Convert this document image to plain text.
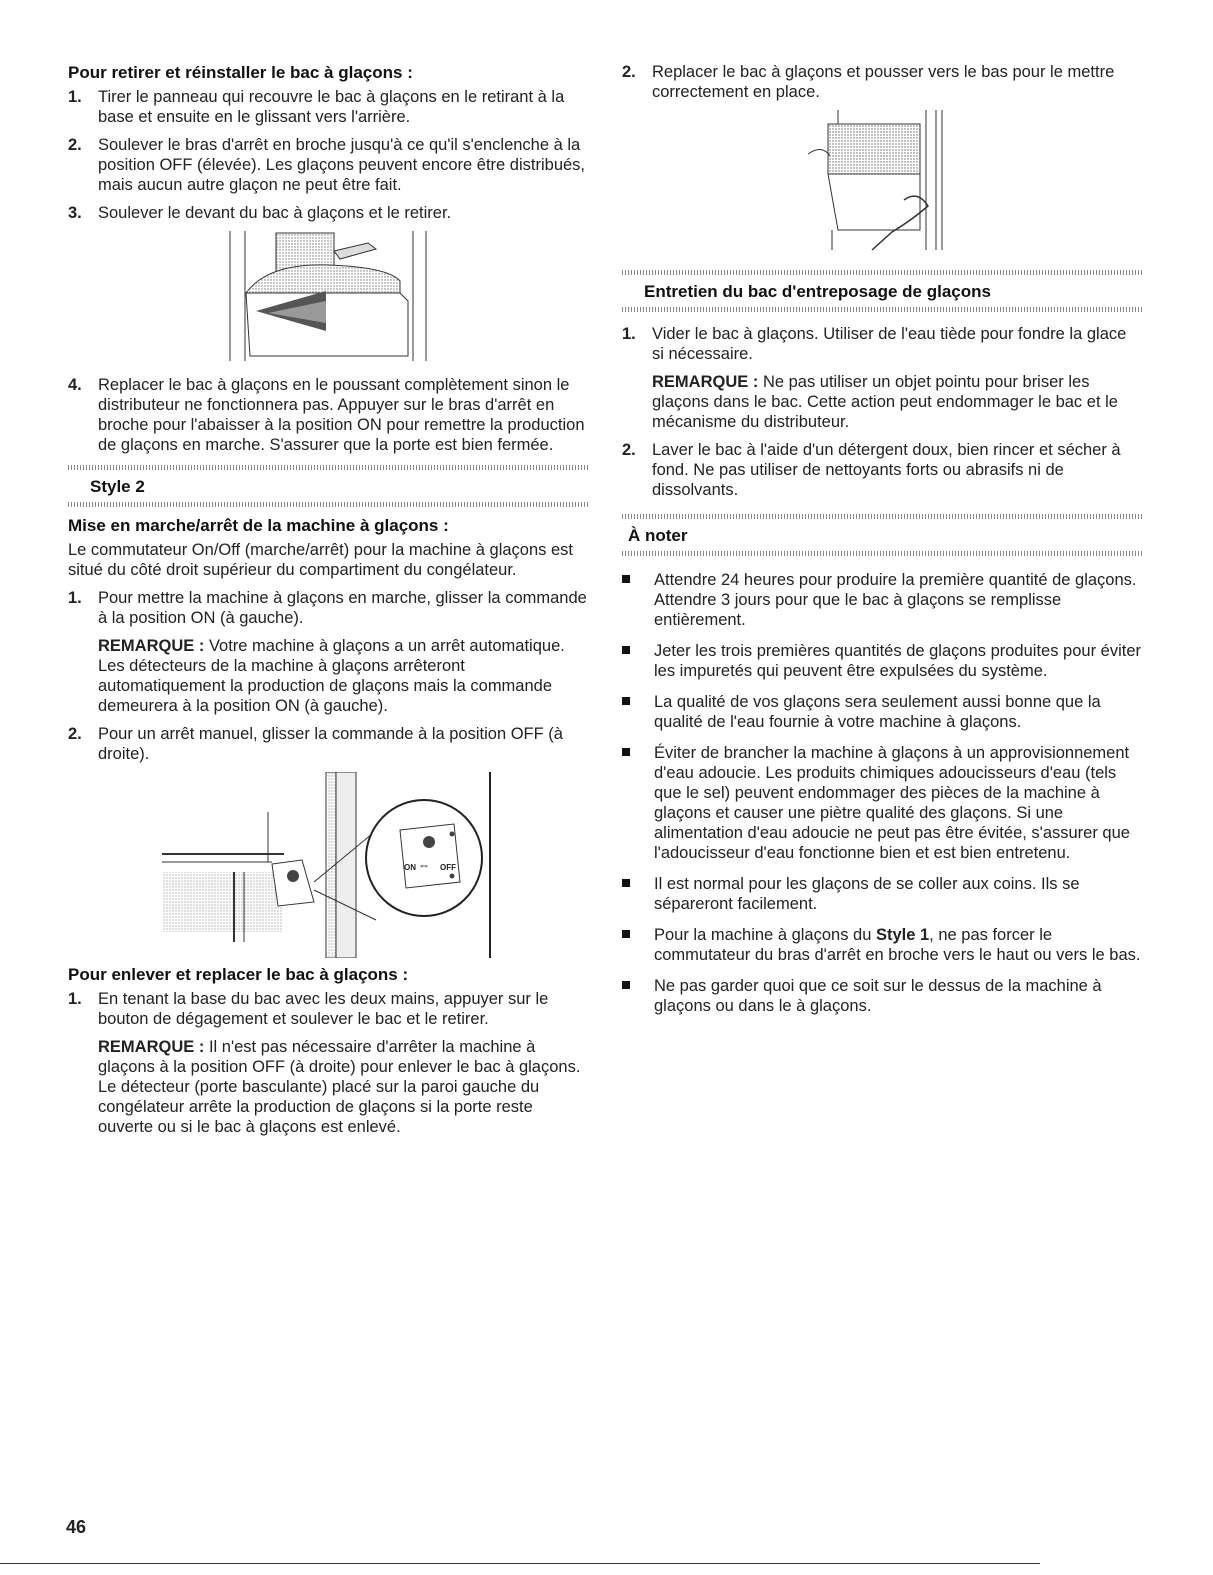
Pour retirer et réinstaller le bac à glaçons :
1. Tirer le panneau qui recouvre le bac à glaçons en le retirant à la base et ensuite en le glissant vers l'arrière.
2. Soulever le bras d'arrêt en broche jusqu'à ce qu'il s'enclenche à la position OFF (élevée). Les glaçons peuvent encore être distribués, mais aucun autre glaçon ne peut être fait.
3. Soulever le devant du bac à glaçons et le retirer.
4. Replacer le bac à glaçons en le poussant complètement sinon le distributeur ne fonctionnera pas. Appuyer sur le bras d'arrêt en broche pour l'abaisser à la position ON pour remettre la production de glaçons en marche. S'assurer que la porte est bien fermée.
Style 2
Mise en marche/arrêt de la machine à glaçons :

Le commutateur On/Off (marche/arrêt) pour la machine à glaçons est situé du côté droit supérieur du compartiment du congélateur.

1. Pour mettre la machine à glaçons en marche, glisser la commande à la position ON (à gauche).
REMARQUE : Votre machine à glaçons a un arrêt automatique. Les détecteurs de la machine à glaçons arrêteront automatiquement la production de glaçons mais la commande demeurera à la position ON (à gauche).
2. Pour un arrêt manuel, glisser la commande à la position OFF (à droite).
ON ⇔ OFF
Pour enlever et replacer le bac à glaçons :
1. En tenant la base du bac avec les deux mains, appuyer sur le bouton de dégagement et soulever le bac et le retirer.
REMARQUE : Il n'est pas nécessaire d'arrêter la machine à glaçons à la position OFF (à droite) pour enlever le bac à glaçons. Le détecteur (porte basculante) placé sur la paroi gauche du congélateur arrête la production de glaçons si la porte reste ouverte ou si le bac à glaçons est enlevé.
2. Replacer le bac à glaçons et pousser vers le bas pour le mettre correctement en place.
Entretien du bac d'entreposage de glaçons
1. Vider le bac à glaçons. Utiliser de l'eau tiède pour fondre la glace si nécessaire.
REMARQUE : Ne pas utiliser un objet pointu pour briser les glaçons dans le bac. Cette action peut endommager le bac et le mécanisme du distributeur.
2. Laver le bac à l'aide d'un détergent doux, bien rincer et sécher à fond. Ne pas utiliser de nettoyants forts ou abrasifs ni de dissolvants.
À noter
Attendre 24 heures pour produire la première quantité de glaçons. Attendre 3 jours pour que le bac à glaçons se remplisse entièrement.
Jeter les trois premières quantités de glaçons produites pour éviter les impuretés qui peuvent être expulsées du système.
La qualité de vos glaçons sera seulement aussi bonne que la qualité de l'eau fournie à votre machine à glaçons.
Éviter de brancher la machine à glaçons à un approvisionnement d'eau adoucie. Les produits chimiques adoucisseurs d'eau (tels que le sel) peuvent endommager des pièces de la machine à glaçons et causer une piètre qualité des glaçons. Si une alimentation d'eau adoucie ne peut pas être évitée, s'assurer que l'adoucisseur d'eau fonctionne bien et est bien entretenu.
Il est normal pour les glaçons de se coller aux coins. Ils se sépareront facilement.
Pour la machine à glaçons du Style 1, ne pas forcer le commutateur du bras d'arrêt en broche vers le haut ou vers le bas.
Ne pas garder quoi que ce soit sur le dessus de la machine à glaçons ou dans le à glaçons.
46
